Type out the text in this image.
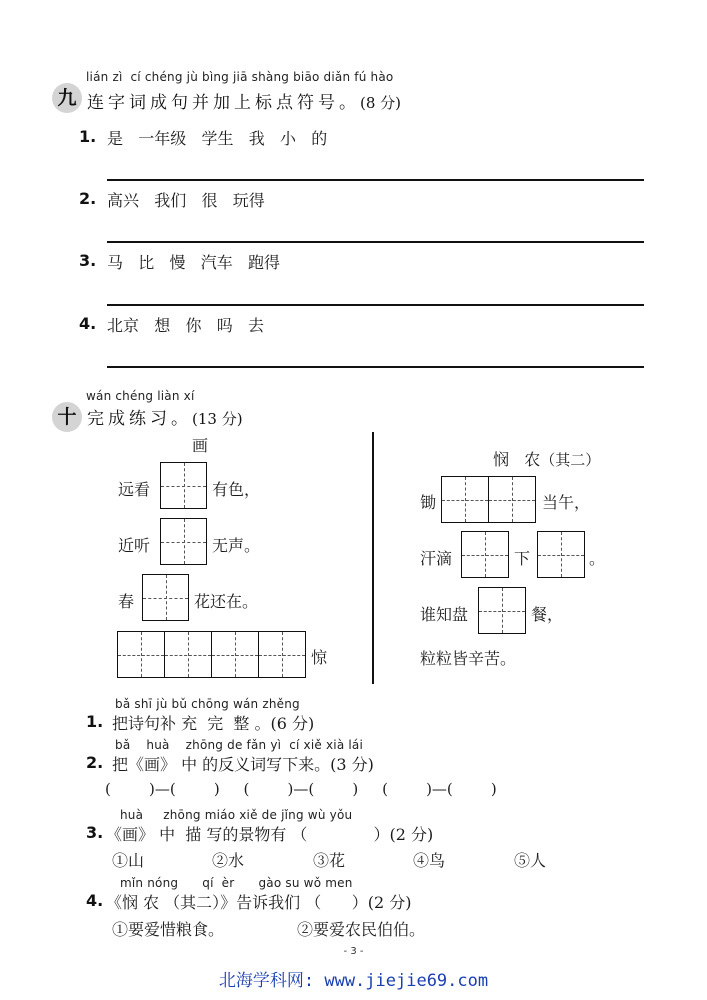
lián zì  cí chéng jù bìng jiā shàng biāo diǎn fú hào
九 连字词成句并加上标点符号。(8 分)
1. 是   一年级   学生   我   小   的
2. 高兴   我们   很   玩得
3. 马   比   慢   汽车   跑得
4. 北京   想   你   吗   去
wán chéng liàn xí
十 完成练习。(13 分)
画
远看	有色，
近听	无声。
春	花还在。
惊
悯   农（其二）
锄	当午，
汗滴	下	。
谁知盘	餐，
粒粒皆辛苦。
bǎ shī jù bǔ chōng wán zhěng
1. 把诗句补 充  完  整 。(6 分)
bǎ    huà    zhōng de fǎn yì  cí xiě xià lái
2. 把《画》 中 的反义词写下来。(3 分)
(        )—(        )     (        )—(        )     (        )—(        )
huà     zhōng miáo xiě de jǐng wù yǒu
3. 《画》 中  描 写的景物有 （             ）(2 分)
①山	②水	③花	④鸟	⑤人
mǐn nóng      qí  èr      gào su wǒ men
4. 《悯 农 （其二）》告诉我们 （      ）(2 分)
①要爱惜粮食。	②要爱农民伯伯。
- 3 -
北海学科网: www.jiejie69.com
